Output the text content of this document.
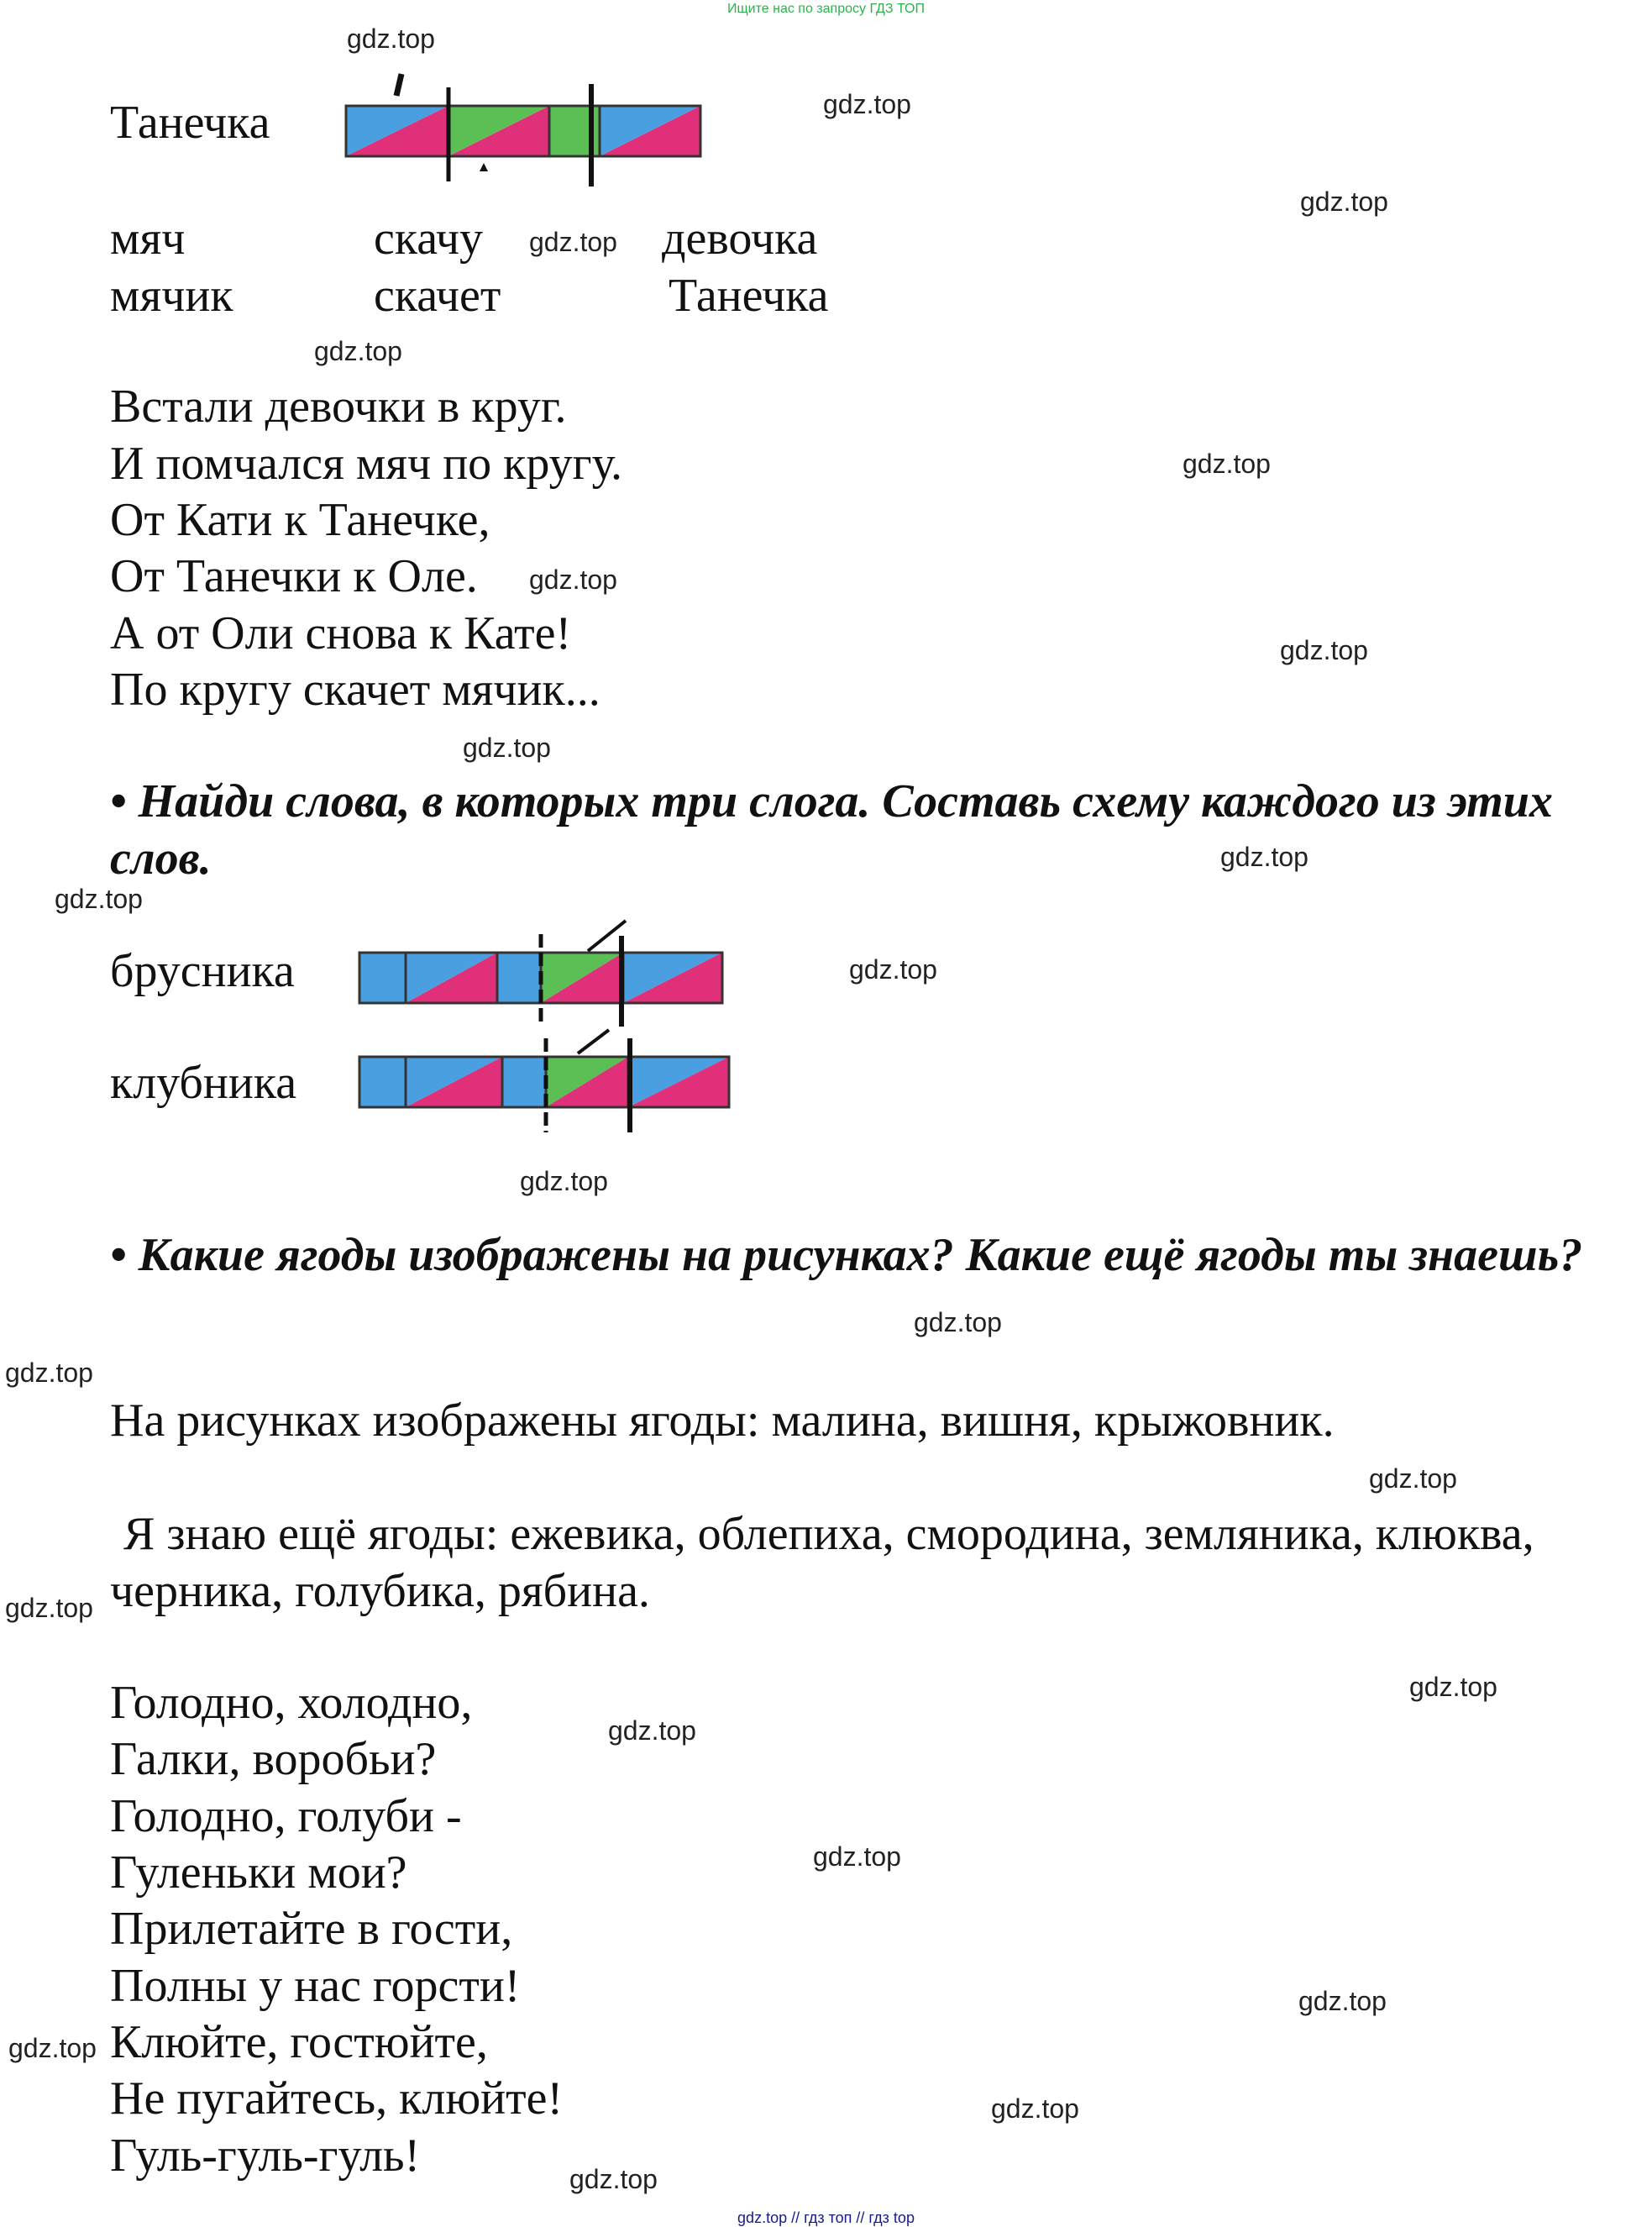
Ищите нас по запросу ГДЗ ТОП
gdz.top
gdz.top
gdz.top
gdz.top
gdz.top
gdz.top
gdz.top
gdz.top
gdz.top
gdz.top
gdz.top
gdz.top
gdz.top
gdz.top
gdz.top
gdz.top
gdz.top
gdz.top
gdz.top
gdz.top
gdz.top
gdz.top
gdz.top
gdz.top
Танечка
мяч
мячик
скачу
скачет
девочка
Танечка
Встали девочки в круг.
И помчался мяч по кругу.
От Кати к Танечке,
От Танечки к Оле.
А от Оли снова к Кате!
По кругу скачет мячик...
• Найди слова, в которых три слога. Составь схему каждого из этих слов.
брусника
клубника
• Какие ягоды изображены на рисунках? Какие ещё ягоды ты знаешь?
На рисунках изображены ягоды: малина, вишня, крыжовник.
Я знаю ещё ягоды: ежевика, облепиха, смородина, земляника, клюква, черника, голубика, рябина.
Голодно, холодно,
Галки, воробьи?
Голодно, голуби -
Гуленьки мои?
Прилетайте в гости,
Полны у нас горсти!
Клюйте, гостюйте,
Не пугайтесь, клюйте!
Гуль-гуль-гуль!
gdz.top // гдз топ // гдз top
